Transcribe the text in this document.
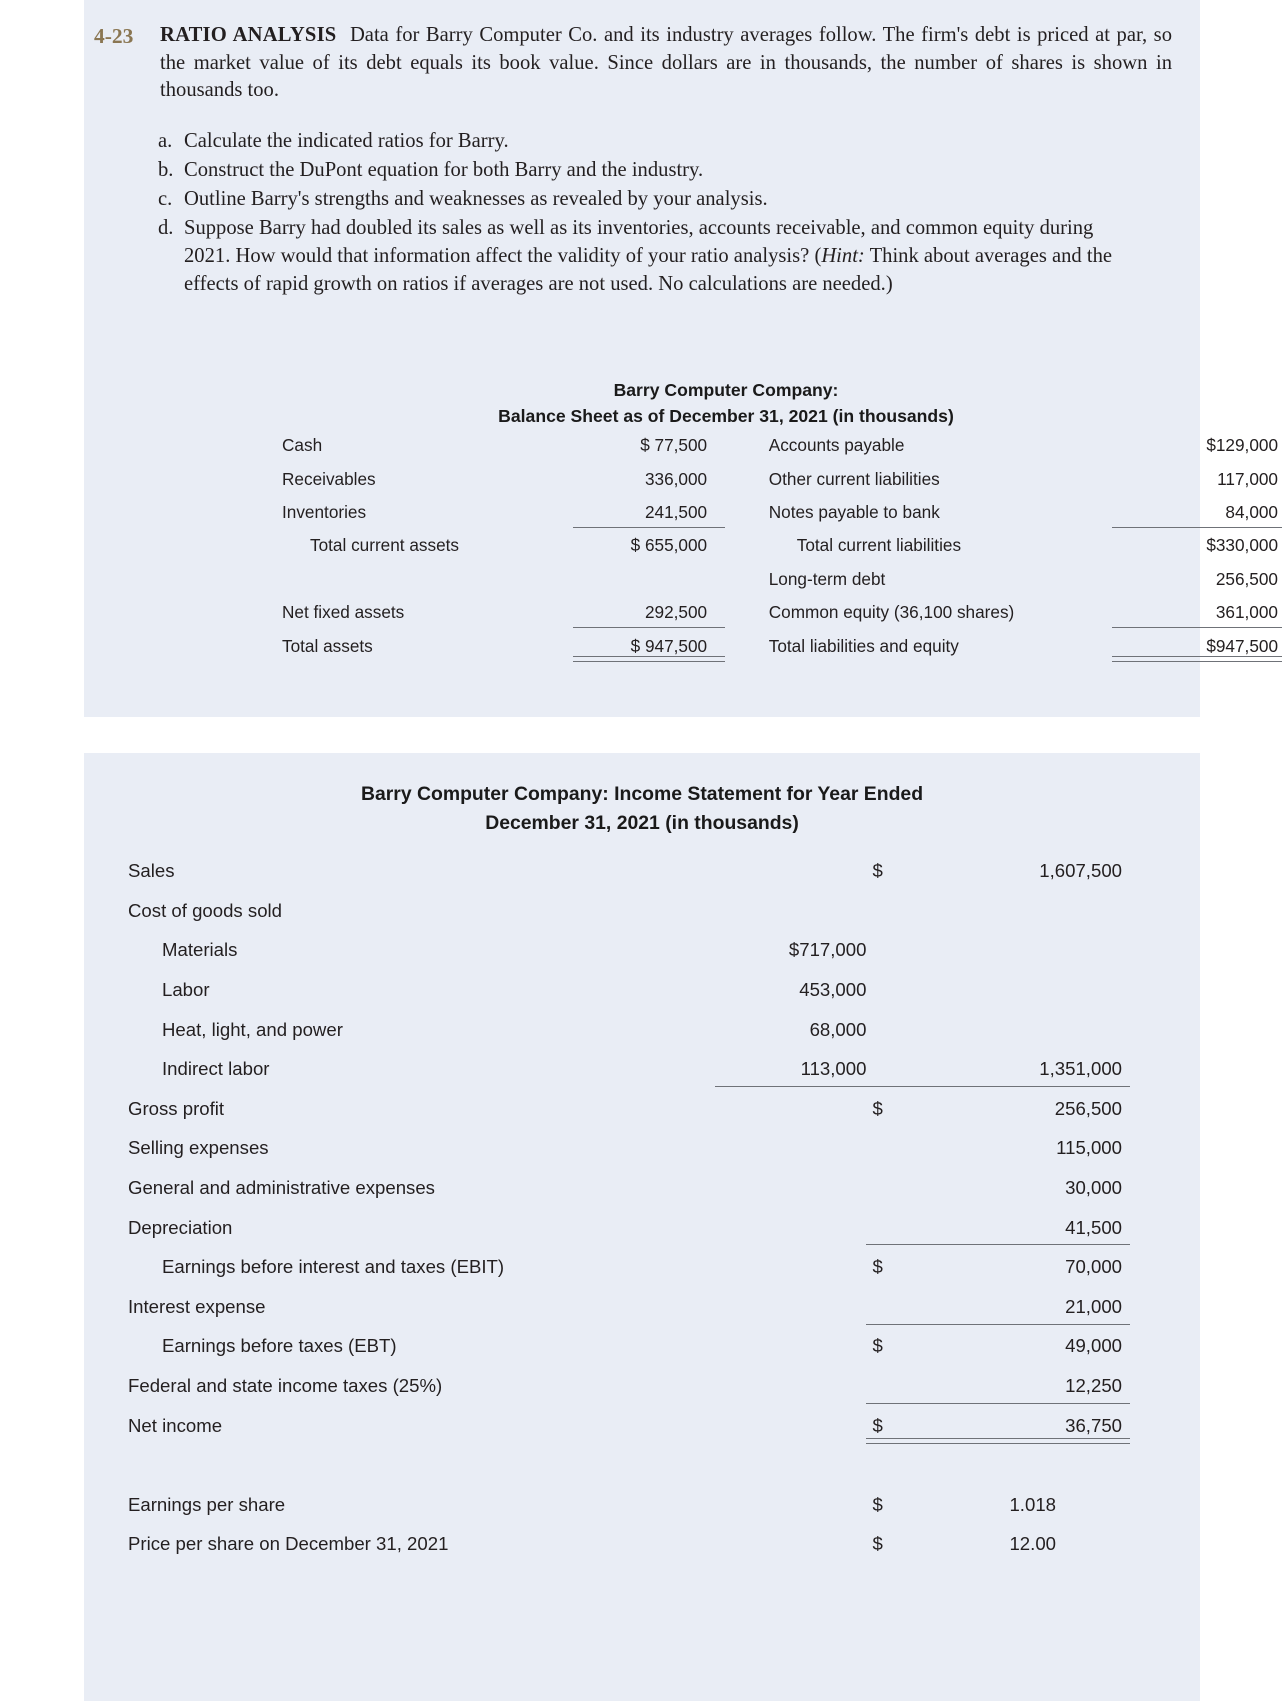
4-23	RATIO ANALYSIS Data for Barry Computer Co. and its industry averages follow. The firm's debt is priced at par, so the market value of its debt equals its book value. Since dollars are in thousands, the number of shares is shown in thousands too.
a. Calculate the indicated ratios for Barry.
b. Construct the DuPont equation for both Barry and the industry.
c. Outline Barry's strengths and weaknesses as revealed by your analysis.
d. Suppose Barry had doubled its sales as well as its inventories, accounts receivable, and common equity during 2021. How would that information affect the validity of your ratio analysis? (Hint: Think about averages and the effects of rapid growth on ratios if averages are not used. No calculations are needed.)
Barry Computer Company:
Balance Sheet as of December 31, 2021 (in thousands)
Cash	$ 77,500		Accounts payable	$129,000
Receivables	336,000		Other current liabilities	117,000
Inventories	241,500		Notes payable to bank	84,000
Total current assets	$ 655,000		Total current liabilities	$330,000
			Long-term debt	256,500
Net fixed assets	292,500		Common equity (36,100 shares)	361,000
Total assets	$ 947,500		Total liabilities and equity	$947,500
Barry Computer Company: Income Statement for Year Ended
December 31, 2021 (in thousands)
Sales		$	1,607,500
Cost of goods sold			
Materials	$717,000		
Labor	453,000		
Heat, light, and power	68,000		
Indirect labor	113,000		1,351,000
Gross profit		$	256,500
Selling expenses			115,000
General and administrative expenses			30,000
Depreciation			41,500
Earnings before interest and taxes (EBIT)		$	70,000
Interest expense			21,000
Earnings before taxes (EBT)		$	49,000
Federal and state income taxes (25%)			12,250
Net income		$	36,750

Earnings per share		$	1.018
Price per share on December 31, 2021		$	12.00
